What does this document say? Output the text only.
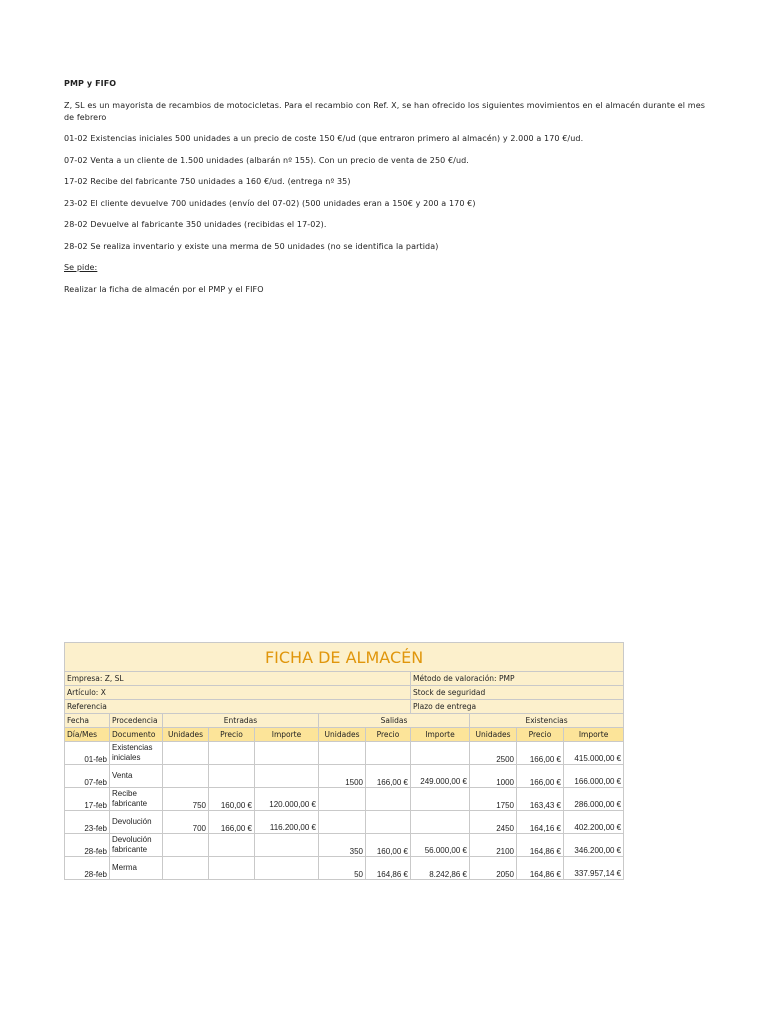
PMP y FIFO

Z, SL es un mayorista de recambios de motocicletas. Para el recambio con Ref. X, se han ofrecido los siguientes movimientos en el almacén durante el mes de febrero

01-02 Existencias iniciales 500 unidades a un precio de coste 150 €/ud (que entraron primero al almacén) y 2.000 a 170 €/ud.

07-02 Venta a un cliente de 1.500 unidades (albarán nº 155). Con un precio de venta de 250 €/ud.

17-02 Recibe del fabricante 750 unidades a 160 €/ud. (entrega nº 35)

23-02 El cliente devuelve 700 unidades (envío del 07-02) (500 unidades eran a 150€ y 200 a 170 €)

28-02 Devuelve al fabricante 350 unidades (recibidas el 17-02).

28-02 Se realiza inventario y existe una merma de 50 unidades (no se identifica la partida)

Se pide:

Realizar la ficha de almacén por el PMP y el FIFO

FICHA DE ALMACÉN										
Empresa: Z, SL							Método de valoración: PMP			
Artículo: X							Stock de seguridad			
Referencia							Plazo de entrega			
Fecha	Procedencia	Entradas			Salidas			Existencias		
Día/Mes	Documento	Unidades	Precio	Importe	Unidades	Precio	Importe	Unidades	Precio	Importe
01-feb	Existencias iniciales							2500	166,00 €	415.000,00 €
07-feb	Venta				1500	166,00 €	249.000,00 €	1000	166,00 €	166.000,00 €
17-feb	Recibe fabricante	750	160,00 €	120.000,00 €				1750	163,43 €	286.000,00 €
23-feb	Devolución	700	166,00 €	116.200,00 €				2450	164,16 €	402.200,00 €
28-feb	Devolución fabricante				350	160,00 €	56.000,00 €	2100	164,86 €	346.200,00 €
28-feb	Merma				50	164,86 €	8.242,86 €	2050	164,86 €	337.957,14 €
